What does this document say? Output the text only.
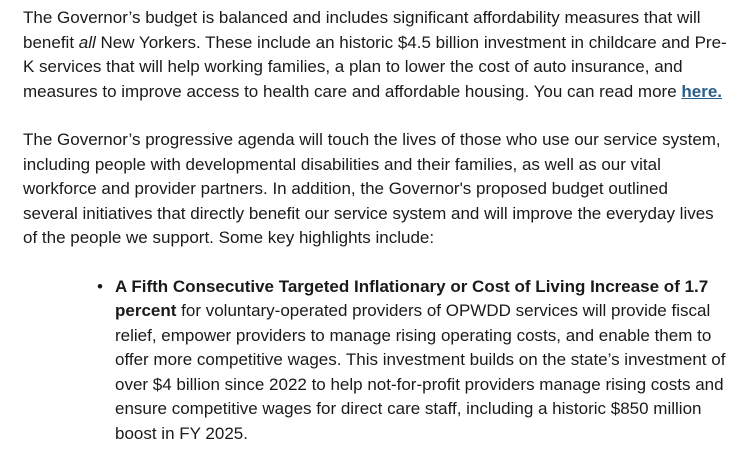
The Governor’s budget is balanced and includes significant affordability measures that will benefit all New Yorkers. These include an historic $4.5 billion investment in childcare and Pre-K services that will help working families, a plan to lower the cost of auto insurance, and measures to improve access to health care and affordable housing. You can read more here.

The Governor’s progressive agenda will touch the lives of those who use our service system, including people with developmental disabilities and their families, as well as our vital workforce and provider partners. In addition, the Governor's proposed budget outlined several initiatives that directly benefit our service system and will improve the everyday lives of the people we support. Some key highlights include:

• A Fifth Consecutive Targeted Inflationary or Cost of Living Increase of 1.7 percent for voluntary-operated providers of OPWDD services will provide fiscal relief, empower providers to manage rising operating costs, and enable them to offer more competitive wages. This investment builds on the state’s investment of over $4 billion since 2022 to help not-for-profit providers manage rising costs and ensure competitive wages for direct care staff, including a historic $850 million boost in FY 2025.
